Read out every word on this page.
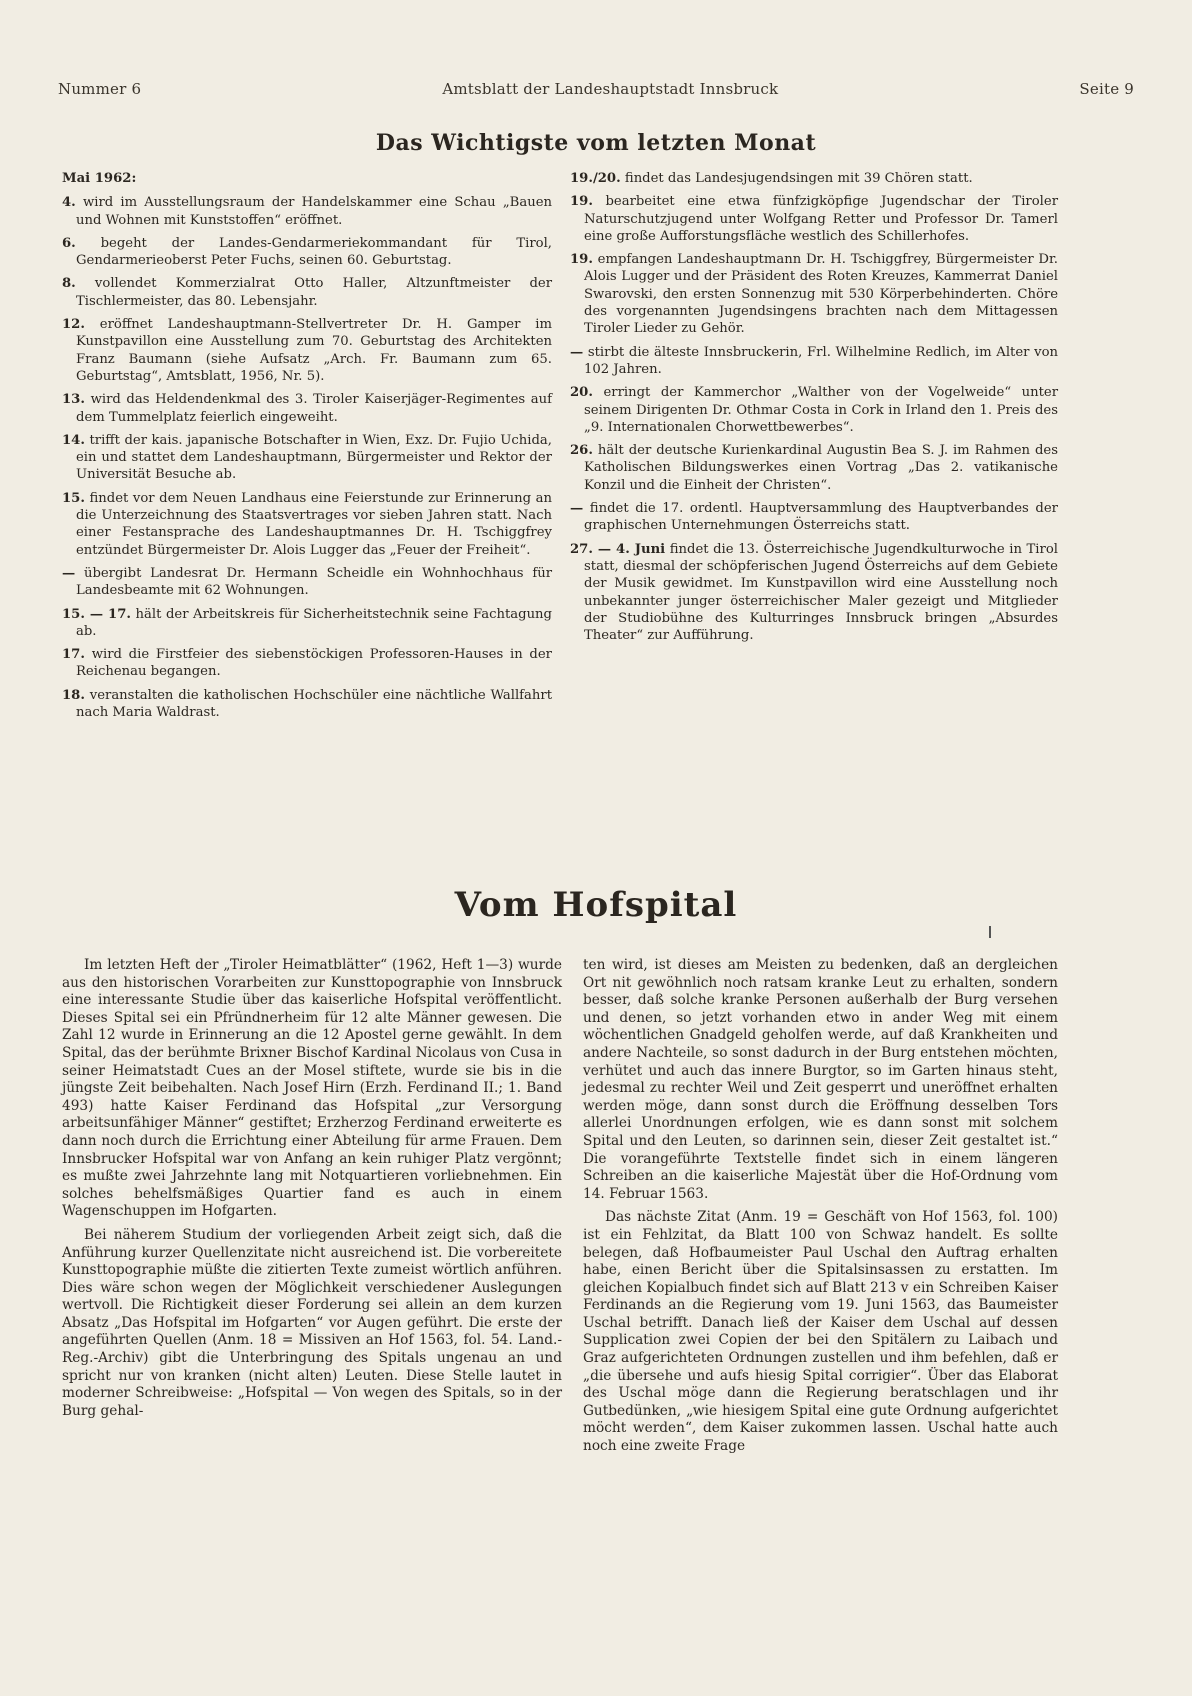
Nummer 6	Amtsblatt der Landeshauptstadt Innsbruck	Seite 9
Das Wichtigste vom letzten Monat
Mai 1962:
4. wird im Ausstellungsraum der Handelskammer eine Schau „Bauen und Wohnen mit Kunststoffen“ eröffnet.
6. begeht der Landes-Gendarmeriekommandant für Tirol, Gendarmerieoberst Peter Fuchs, seinen 60. Geburtstag.
8. vollendet Kommerzialrat Otto Haller, Altzunftmeister der Tischlermeister, das 80. Lebensjahr.
12. eröffnet Landeshauptmann-Stellvertreter Dr. H. Gamper im Kunstpavillon eine Ausstellung zum 70. Geburtstag des Architekten Franz Baumann (siehe Aufsatz „Arch. Fr. Baumann zum 65. Geburtstag“, Amtsblatt, 1956, Nr. 5).
13. wird das Heldendenkmal des 3. Tiroler Kaiserjäger-Regimentes auf dem Tummelplatz feierlich eingeweiht.
14. trifft der kais. japanische Botschafter in Wien, Exz. Dr. Fujio Uchida, ein und stattet dem Landeshauptmann, Bürgermeister und Rektor der Universität Besuche ab.
15. findet vor dem Neuen Landhaus eine Feierstunde zur Erinnerung an die Unterzeichnung des Staatsvertrages vor sieben Jahren statt. Nach einer Festansprache des Landeshauptmannes Dr. H. Tschiggfrey entzündet Bürgermeister Dr. Alois Lugger das „Feuer der Freiheit“.
— übergibt Landesrat Dr. Hermann Scheidle ein Wohnhochhaus für Landesbeamte mit 62 Wohnungen.
15. — 17. hält der Arbeitskreis für Sicherheitstechnik seine Fachtagung ab.
17. wird die Firstfeier des siebenstöckigen Professoren-Hauses in der Reichenau begangen.
18. veranstalten die katholischen Hochschüler eine nächtliche Wallfahrt nach Maria Waldrast.
19./20. findet das Landesjugendsingen mit 39 Chören statt.
19. bearbeitet eine etwa fünfzigköpfige Jugendschar der Tiroler Naturschutzjugend unter Wolfgang Retter und Professor Dr. Tamerl eine große Aufforstungsfläche westlich des Schillerhofes.
19. empfangen Landeshauptmann Dr. H. Tschiggfrey, Bürgermeister Dr. Alois Lugger und der Präsident des Roten Kreuzes, Kammerrat Daniel Swarovski, den ersten Sonnenzug mit 530 Körperbehinderten. Chöre des vorgenannten Jugendsingens brachten nach dem Mittagessen Tiroler Lieder zu Gehör.
— stirbt die älteste Innsbruckerin, Frl. Wilhelmine Redlich, im Alter von 102 Jahren.
20. erringt der Kammerchor „Walther von der Vogelweide“ unter seinem Dirigenten Dr. Othmar Costa in Cork in Irland den 1. Preis des „9. Internationalen Chorwettbewerbes“.
26. hält der deutsche Kurienkardinal Augustin Bea S. J. im Rahmen des Katholischen Bildungswerkes einen Vortrag „Das 2. vatikanische Konzil und die Einheit der Christen“.
— findet die 17. ordentl. Hauptversammlung des Hauptverbandes der graphischen Unternehmungen Österreichs statt.
27. — 4. Juni findet die 13. Österreichische Jugendkulturwoche in Tirol statt, diesmal der schöpferischen Jugend Österreichs auf dem Gebiete der Musik gewidmet. Im Kunstpavillon wird eine Ausstellung noch unbekannter junger österreichischer Maler gezeigt und Mitglieder der Studiobühne des Kulturringes Innsbruck bringen „Absurdes Theater“ zur Aufführung.
Vom Hofspital

Im letzten Heft der „Tiroler Heimatblätter“ (1962, Heft 1—3) wurde aus den historischen Vorarbeiten zur Kunsttopographie von Innsbruck eine interessante Studie über das kaiserliche Hofspital veröffentlicht. Dieses Spital sei ein Pfründnerheim für 12 alte Männer gewesen. Die Zahl 12 wurde in Erinnerung an die 12 Apostel gerne gewählt. In dem Spital, das der berühmte Brixner Bischof Kardinal Nicolaus von Cusa in seiner Heimatstadt Cues an der Mosel stiftete, wurde sie bis in die jüngste Zeit beibehalten. Nach Josef Hirn (Erzh. Ferdinand II.; 1. Band 493) hatte Kaiser Ferdinand das Hofspital „zur Versorgung arbeitsunfähiger Männer“ gestiftet; Erzherzog Ferdinand erweiterte es dann noch durch die Errichtung einer Abteilung für arme Frauen. Dem Innsbrucker Hofspital war von Anfang an kein ruhiger Platz vergönnt; es mußte zwei Jahrzehnte lang mit Notquartieren vorliebnehmen. Ein solches behelfsmäßiges Quartier fand es auch in einem Wagenschuppen im Hofgarten.

Bei näherem Studium der vorliegenden Arbeit zeigt sich, daß die Anführung kurzer Quellenzitate nicht ausreichend ist. Die vorbereitete Kunsttopographie müßte die zitierten Texte zumeist wörtlich anführen. Dies wäre schon wegen der Möglichkeit verschiedener Auslegungen wertvoll. Die Richtigkeit dieser Forderung sei allein an dem kurzen Absatz „Das Hofspital im Hofgarten“ vor Augen geführt. Die erste der angeführten Quellen (Anm. 18 = Missiven an Hof 1563, fol. 54. Land.-Reg.-Archiv) gibt die Unterbringung des Spitals ungenau an und spricht nur von kranken (nicht alten) Leuten. Diese Stelle lautet in moderner Schreibweise: „Hofspital — Von wegen des Spitals, so in der Burg gehal-

ten wird, ist dieses am Meisten zu bedenken, daß an dergleichen Ort nit gewöhnlich noch ratsam kranke Leut zu erhalten, sondern besser, daß solche kranke Personen außerhalb der Burg versehen und denen, so jetzt vorhanden etwo in ander Weg mit einem wöchentlichen Gnadgeld geholfen werde, auf daß Krankheiten und andere Nachteile, so sonst dadurch in der Burg entstehen möchten, verhütet und auch das innere Burgtor, so im Garten hinaus steht, jedesmal zu rechter Weil und Zeit gesperrt und uneröffnet erhalten werden möge, dann sonst durch die Eröffnung desselben Tors allerlei Unordnungen erfolgen, wie es dann sonst mit solchem Spital und den Leuten, so darinnen sein, dieser Zeit gestaltet ist.“ Die vorangeführte Textstelle findet sich in einem längeren Schreiben an die kaiserliche Majestät über die Hof-Ordnung vom 14. Februar 1563.

Das nächste Zitat (Anm. 19 = Geschäft von Hof 1563, fol. 100) ist ein Fehlzitat, da Blatt 100 von Schwaz handelt. Es sollte belegen, daß Hofbaumeister Paul Uschal den Auftrag erhalten habe, einen Bericht über die Spitalsinsassen zu erstatten. Im gleichen Kopialbuch findet sich auf Blatt 213 v ein Schreiben Kaiser Ferdinands an die Regierung vom 19. Juni 1563, das Baumeister Uschal betrifft. Danach ließ der Kaiser dem Uschal auf dessen Supplication zwei Copien der bei den Spitälern zu Laibach und Graz aufgerichteten Ordnungen zustellen und ihm befehlen, daß er „die übersehe und aufs hiesig Spital corrigier“. Über das Elaborat des Uschal möge dann die Regierung beratschlagen und ihr Gutbedünken, „wie hiesigem Spital eine gute Ordnung aufgerichtet möcht werden“, dem Kaiser zukommen lassen. Uschal hatte auch noch eine zweite Frage
